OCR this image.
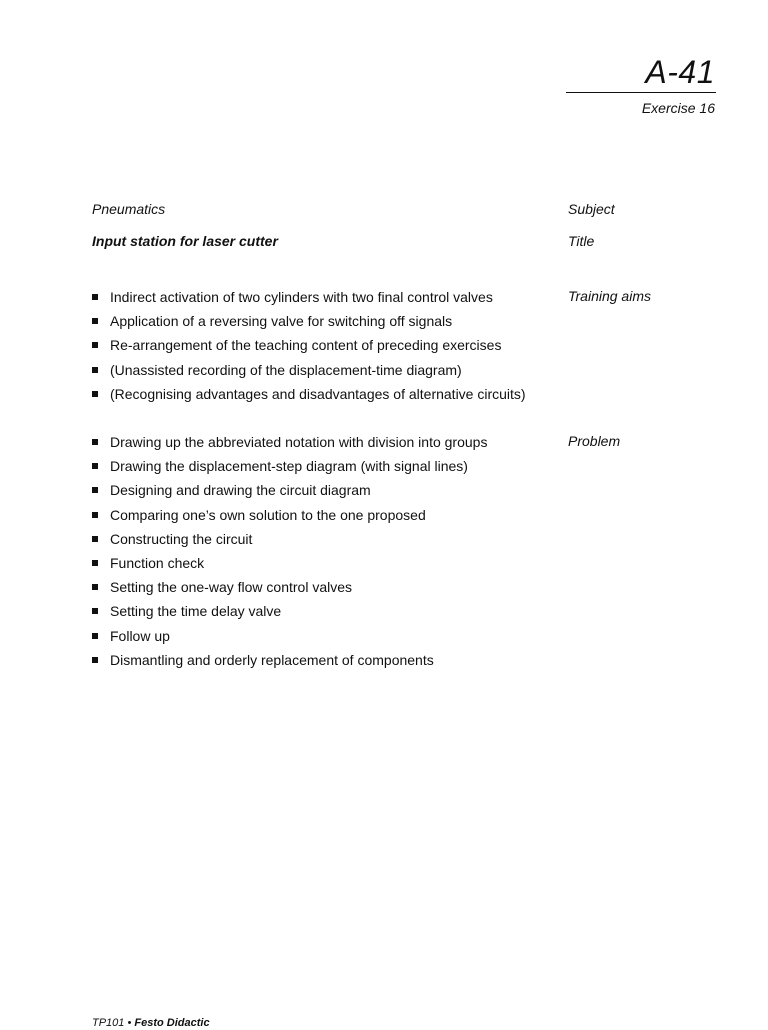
A-41
Exercise 16
Pneumatics	Subject
Input station for laser cutter	Title
Training aims
Indirect activation of two cylinders with two final control valves
Application of a reversing valve for switching off signals
Re-arrangement of the teaching content of preceding exercises
(Unassisted recording of the displacement-time diagram)
(Recognising advantages and disadvantages of alternative circuits)
Problem
Drawing up the abbreviated notation with division into groups
Drawing the displacement-step diagram (with signal lines)
Designing and drawing the circuit diagram
Comparing one’s own solution to the one proposed
Constructing the circuit
Function check
Setting the one-way flow control valves
Setting the time delay valve
Follow up
Dismantling and orderly replacement of components
TP101 • Festo Didactic
